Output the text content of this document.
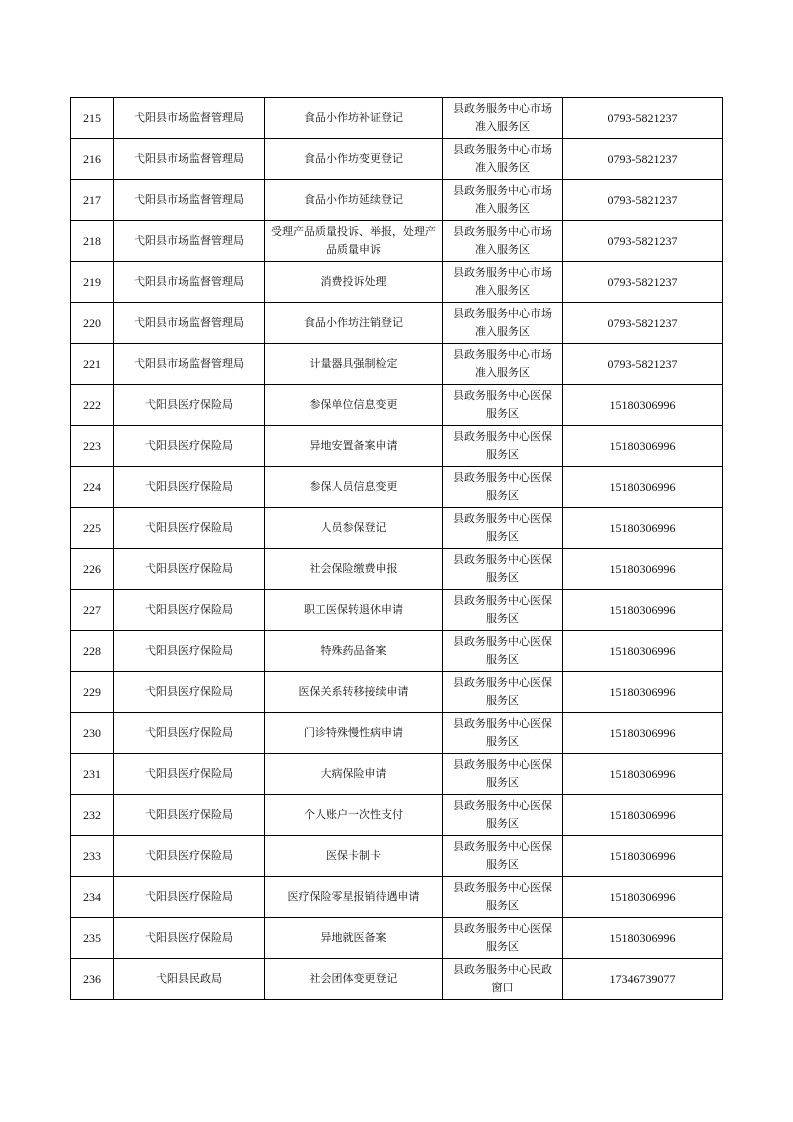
215	弋阳县市场监督管理局	食品小作坊补证登记	县政务服务中心市场准入服务区	0793-5821237
216	弋阳县市场监督管理局	食品小作坊变更登记	县政务服务中心市场准入服务区	0793-5821237
217	弋阳县市场监督管理局	食品小作坊延续登记	县政务服务中心市场准入服务区	0793-5821237
218	弋阳县市场监督管理局	受理产品质量投诉、举报，处理产品质量申诉	县政务服务中心市场准入服务区	0793-5821237
219	弋阳县市场监督管理局	消费投诉处理	县政务服务中心市场准入服务区	0793-5821237
220	弋阳县市场监督管理局	食品小作坊注销登记	县政务服务中心市场准入服务区	0793-5821237
221	弋阳县市场监督管理局	计量器具强制检定	县政务服务中心市场准入服务区	0793-5821237
222	弋阳县医疗保险局	参保单位信息变更	县政务服务中心医保服务区	15180306996
223	弋阳县医疗保险局	异地安置备案申请	县政务服务中心医保服务区	15180306996
224	弋阳县医疗保险局	参保人员信息变更	县政务服务中心医保服务区	15180306996
225	弋阳县医疗保险局	人员参保登记	县政务服务中心医保服务区	15180306996
226	弋阳县医疗保险局	社会保险缴费申报	县政务服务中心医保服务区	15180306996
227	弋阳县医疗保险局	职工医保转退休申请	县政务服务中心医保服务区	15180306996
228	弋阳县医疗保险局	特殊药品备案	县政务服务中心医保服务区	15180306996
229	弋阳县医疗保险局	医保关系转移接续申请	县政务服务中心医保服务区	15180306996
230	弋阳县医疗保险局	门诊特殊慢性病申请	县政务服务中心医保服务区	15180306996
231	弋阳县医疗保险局	大病保险申请	县政务服务中心医保服务区	15180306996
232	弋阳县医疗保险局	个人账户一次性支付	县政务服务中心医保服务区	15180306996
233	弋阳县医疗保险局	医保卡制卡	县政务服务中心医保服务区	15180306996
234	弋阳县医疗保险局	医疗保险零星报销待遇申请	县政务服务中心医保服务区	15180306996
235	弋阳县医疗保险局	异地就医备案	县政务服务中心医保服务区	15180306996
236	弋阳县民政局	社会团体变更登记	县政务服务中心民政窗口	17346739077
